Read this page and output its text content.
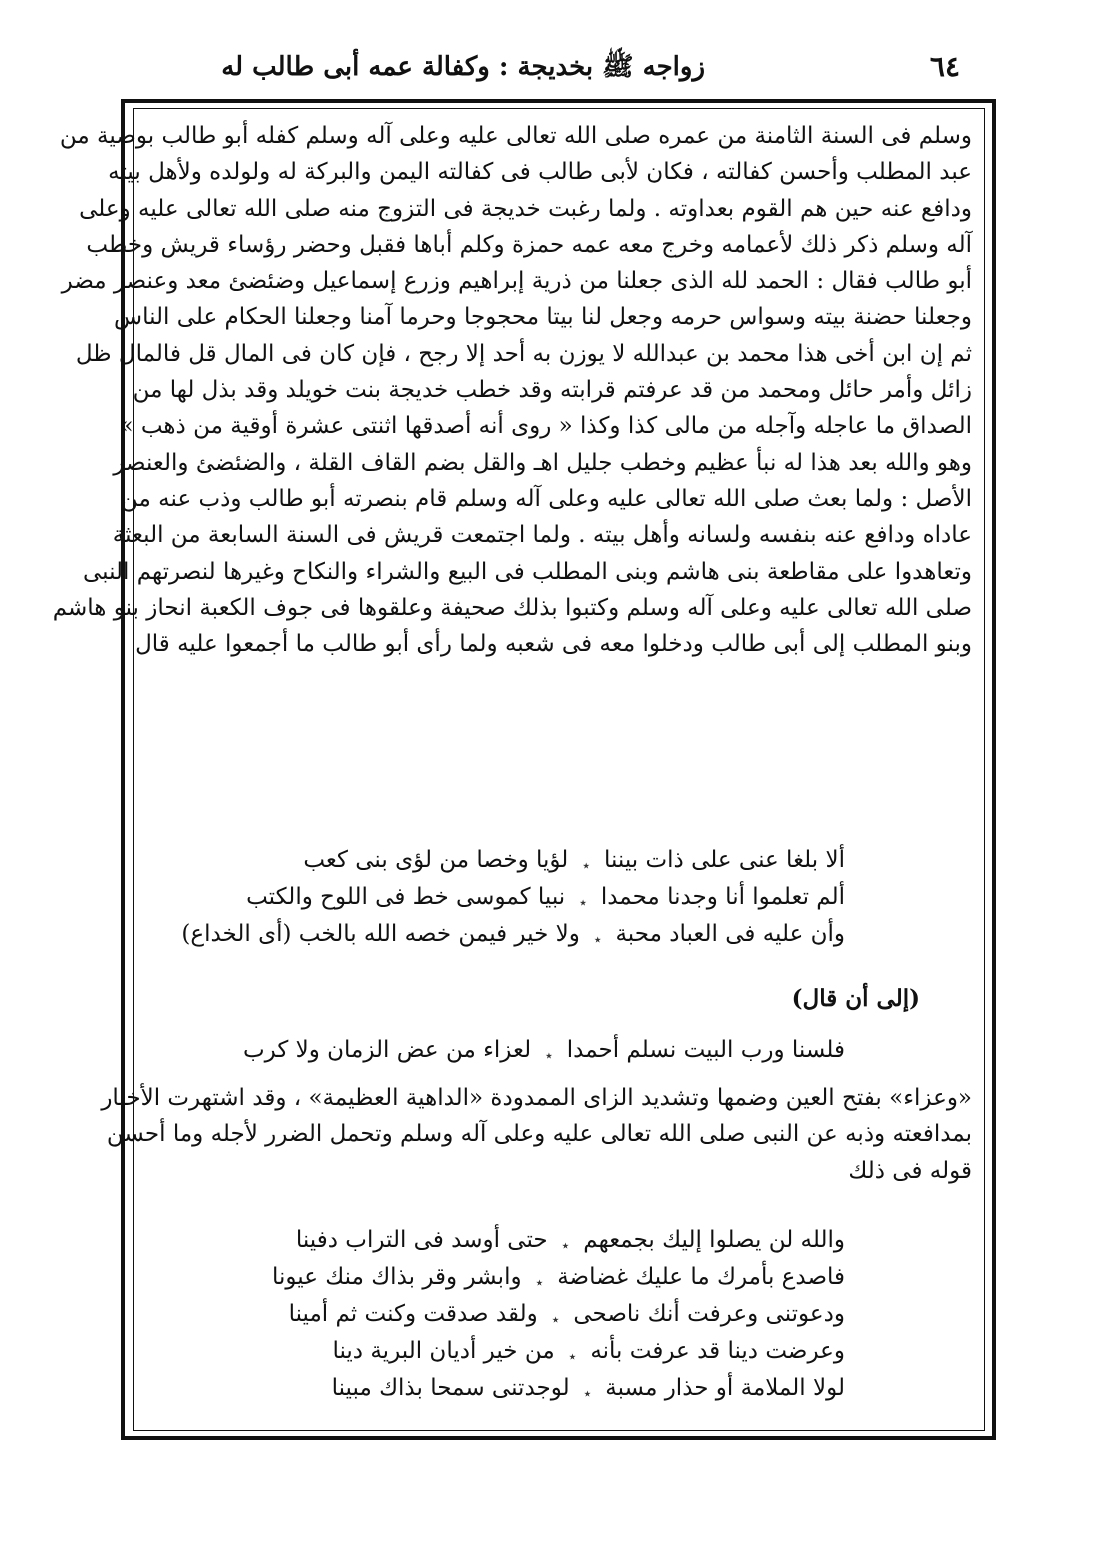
٦٤
زواجه ﷺ بخديجة : وكفالة عمه أبى طالب له
وسلم فى السنة الثامنة من عمره صلى الله تعالى عليه وعلى آله وسلم كفله أبو طالب بوصية من
عبد المطلب وأحسن كفالته ، فكان لأبى طالب فى كفالته اليمن والبركة له ولولده ولأهل بيته
ودافع عنه حين هم القوم بعداوته . ولما رغبت خديجة فى التزوج منه صلى الله تعالى عليه وعلى
آله وسلم ذكر ذلك لأعمامه وخرج معه عمه حمزة وكلم أباها فقبل وحضر رؤساء قريش وخطب
أبو طالب فقال : الحمد لله الذى جعلنا من ذرية إبراهيم وزرع إسماعيل وضئضئ معد وعنصر مضر
وجعلنا حضنة بيته وسواس حرمه وجعل لنا بيتا محجوجا وحرما آمنا وجعلنا الحكام على الناس
ثم إن ابن أخى هذا محمد بن عبدالله لا يوزن به أحد إلا رجح ، فإن كان فى المال قل فالمال ظل
زائل وأمر حائل ومحمد من قد عرفتم قرابته وقد خطب خديجة بنت خويلد وقد بذل لها من
الصداق ما عاجله وآجله من مالى كذا وكذا « روى أنه أصدقها اثنتى عشرة أوقية من ذهب »
وهو والله بعد هذا له نبأ عظيم وخطب جليل اهـ والقل بضم القاف القلة ، والضئضئ والعنصر
الأصل : ولما بعث صلى الله تعالى عليه وعلى آله وسلم قام بنصرته أبو طالب وذب عنه من
عاداه ودافع عنه بنفسه ولسانه وأهل بيته . ولما اجتمعت قريش فى السنة السابعة من البعثة
وتعاهدوا على مقاطعة بنى هاشم وبنى المطلب فى البيع والشراء والنكاح وغيرها لنصرتهم النبى
صلى الله تعالى عليه وعلى آله وسلم وكتبوا بذلك صحيفة وعلقوها فى جوف الكعبة انحاز بنو هاشم
وبنو المطلب إلى أبى طالب ودخلوا معه فى شعبه ولما رأى أبو طالب ما أجمعوا عليه قال
ألا بلغا عنى على ذات بيننا
٭
لؤيا وخصا من لؤى بنى كعب
ألم تعلموا أنا وجدنا محمدا
٭
نبيا كموسى خط فى اللوح والكتب
وأن عليه فى العباد محبة
٭
ولا خير فيمن خصه الله بالخب (أى الخداع)
(إلى أن قال)
فلسنا ورب البيت نسلم أحمدا
٭
لعزاء من عض الزمان ولا كرب
«وعزاء» بفتح العين وضمها وتشديد الزاى الممدودة «الداهية العظيمة» ، وقد اشتهرت الأخبار
بمدافعته وذبه عن النبى صلى الله تعالى عليه وعلى آله وسلم وتحمل الضرر لأجله وما أحسن
قوله فى ذلك
والله لن يصلوا إليك بجمعهم
٭
حتى أوسد فى التراب دفينا
فاصدع بأمرك ما عليك غضاضة
٭
وابشر وقر بذاك منك عيونا
ودعوتنى وعرفت أنك ناصحى
٭
ولقد صدقت وكنت ثم أمينا
وعرضت دينا قد عرفت بأنه
٭
من خير أديان البرية دينا
لولا الملامة أو حذار مسبة
٭
لوجدتنى سمحا بذاك مبينا
